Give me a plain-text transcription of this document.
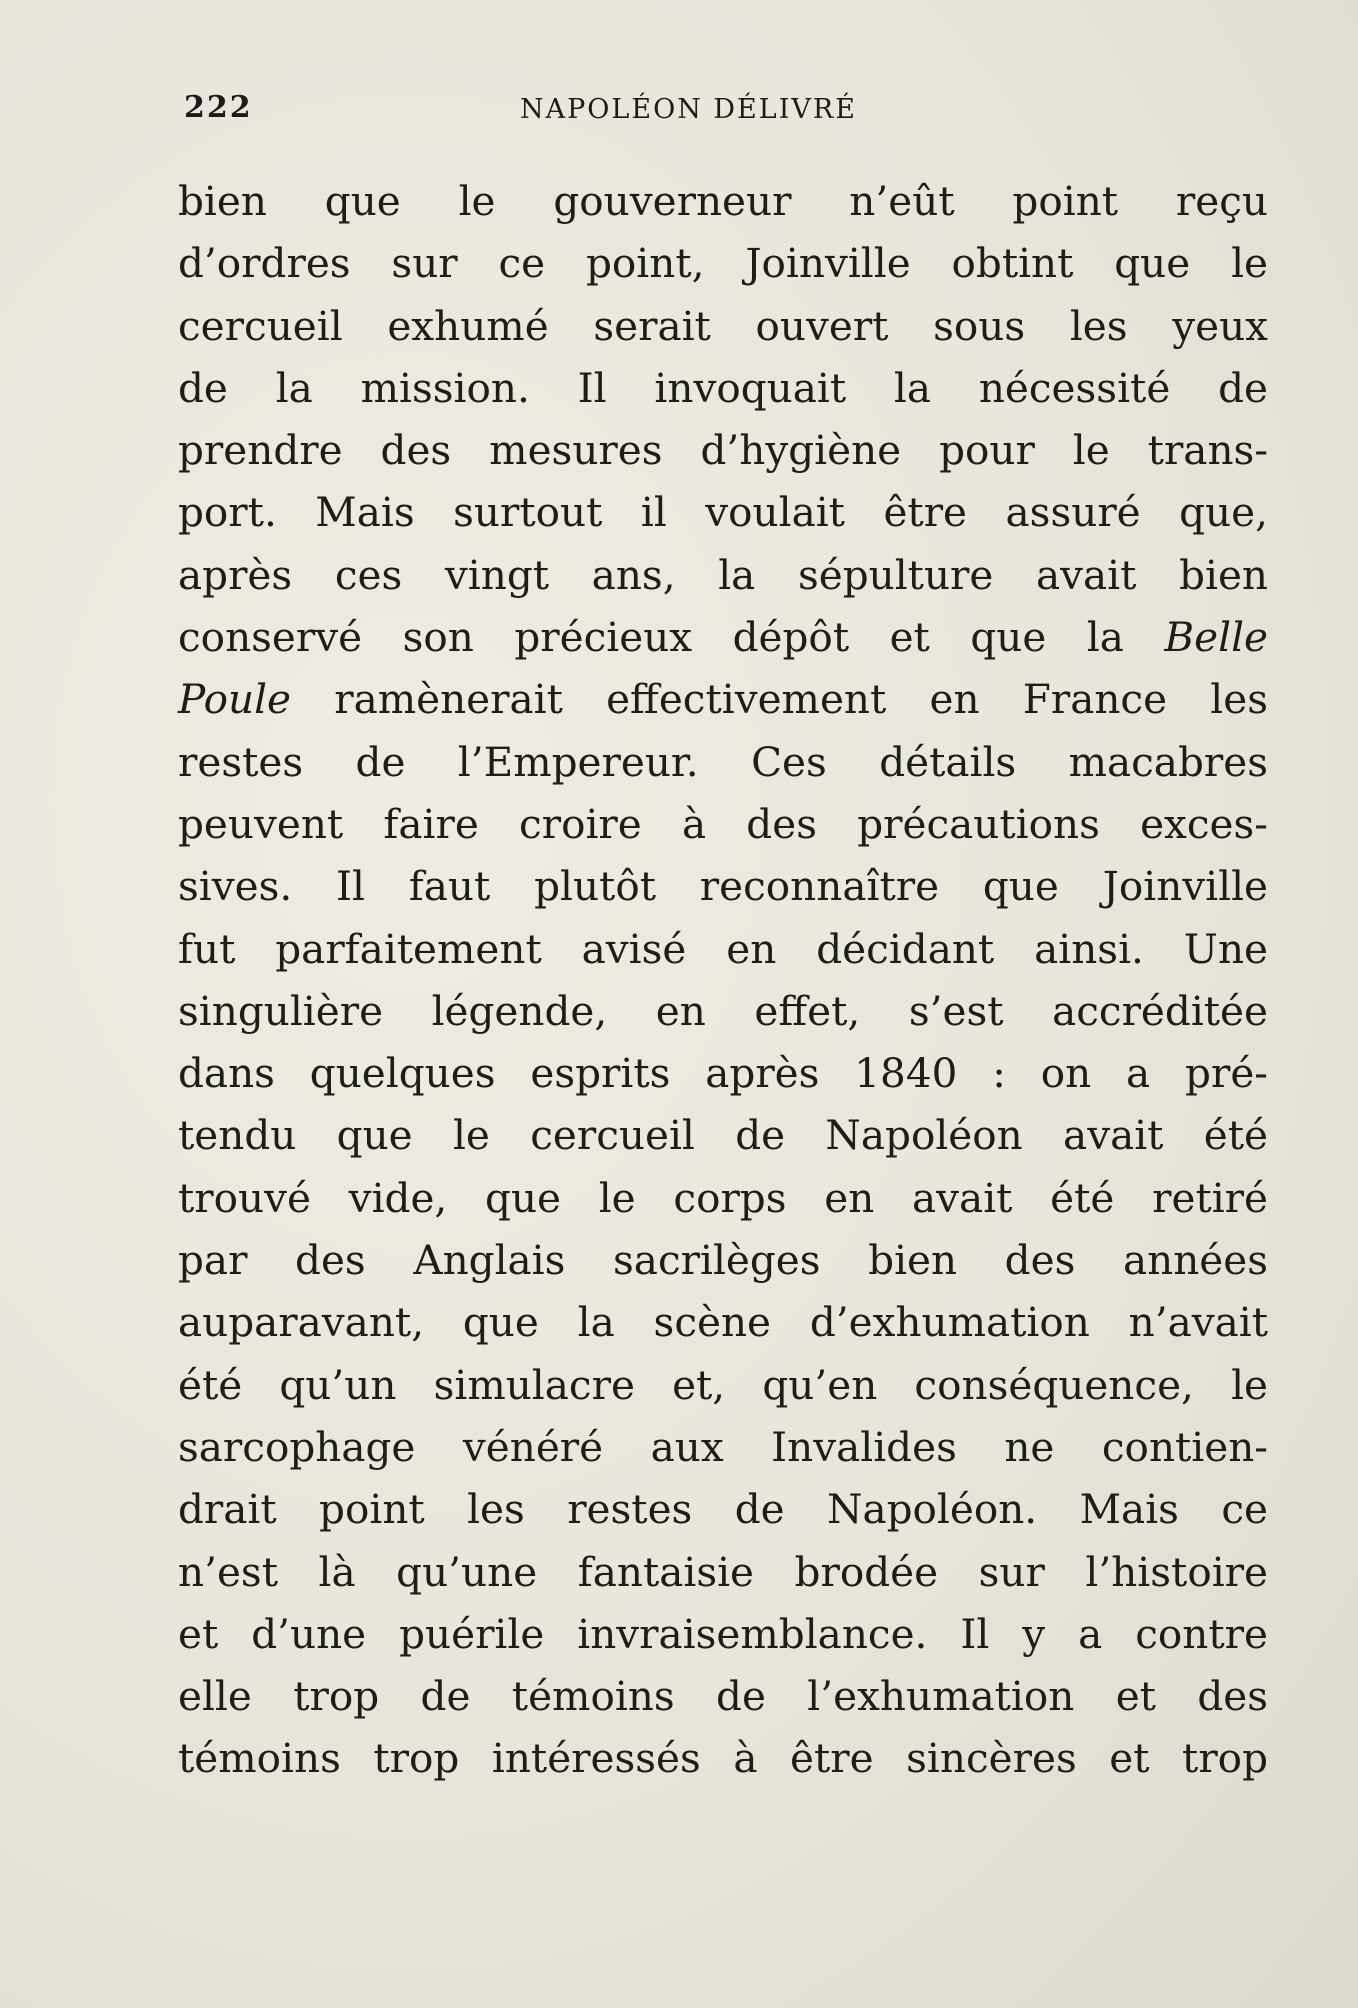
222	NAPOLÉON DÉLIVRÉ
bien que le gouverneur n’eût point reçu
d’ordres sur ce point, Joinville obtint que le
cercueil exhumé serait ouvert sous les yeux
de la mission. Il invoquait la nécessité de
prendre des mesures d’hygiène pour le trans-
port. Mais surtout il voulait être assuré que,
après ces vingt ans, la sépulture avait bien
conservé son précieux dépôt et que la Belle
Poule ramènerait effectivement en France les
restes de l’Empereur. Ces détails macabres
peuvent faire croire à des précautions exces-
sives. Il faut plutôt reconnaître que Joinville
fut parfaitement avisé en décidant ainsi. Une
singulière légende, en effet, s’est accréditée
dans quelques esprits après 1840 : on a pré-
tendu que le cercueil de Napoléon avait été
trouvé vide, que le corps en avait été retiré
par des Anglais sacrilèges bien des années
auparavant, que la scène d’exhumation n’avait
été qu’un simulacre et, qu’en conséquence, le
sarcophage vénéré aux Invalides ne contien-
drait point les restes de Napoléon. Mais ce
n’est là qu’une fantaisie brodée sur l’histoire
et d’une puérile invraisemblance. Il y a contre
elle trop de témoins de l’exhumation et des
témoins trop intéressés à être sincères et trop
